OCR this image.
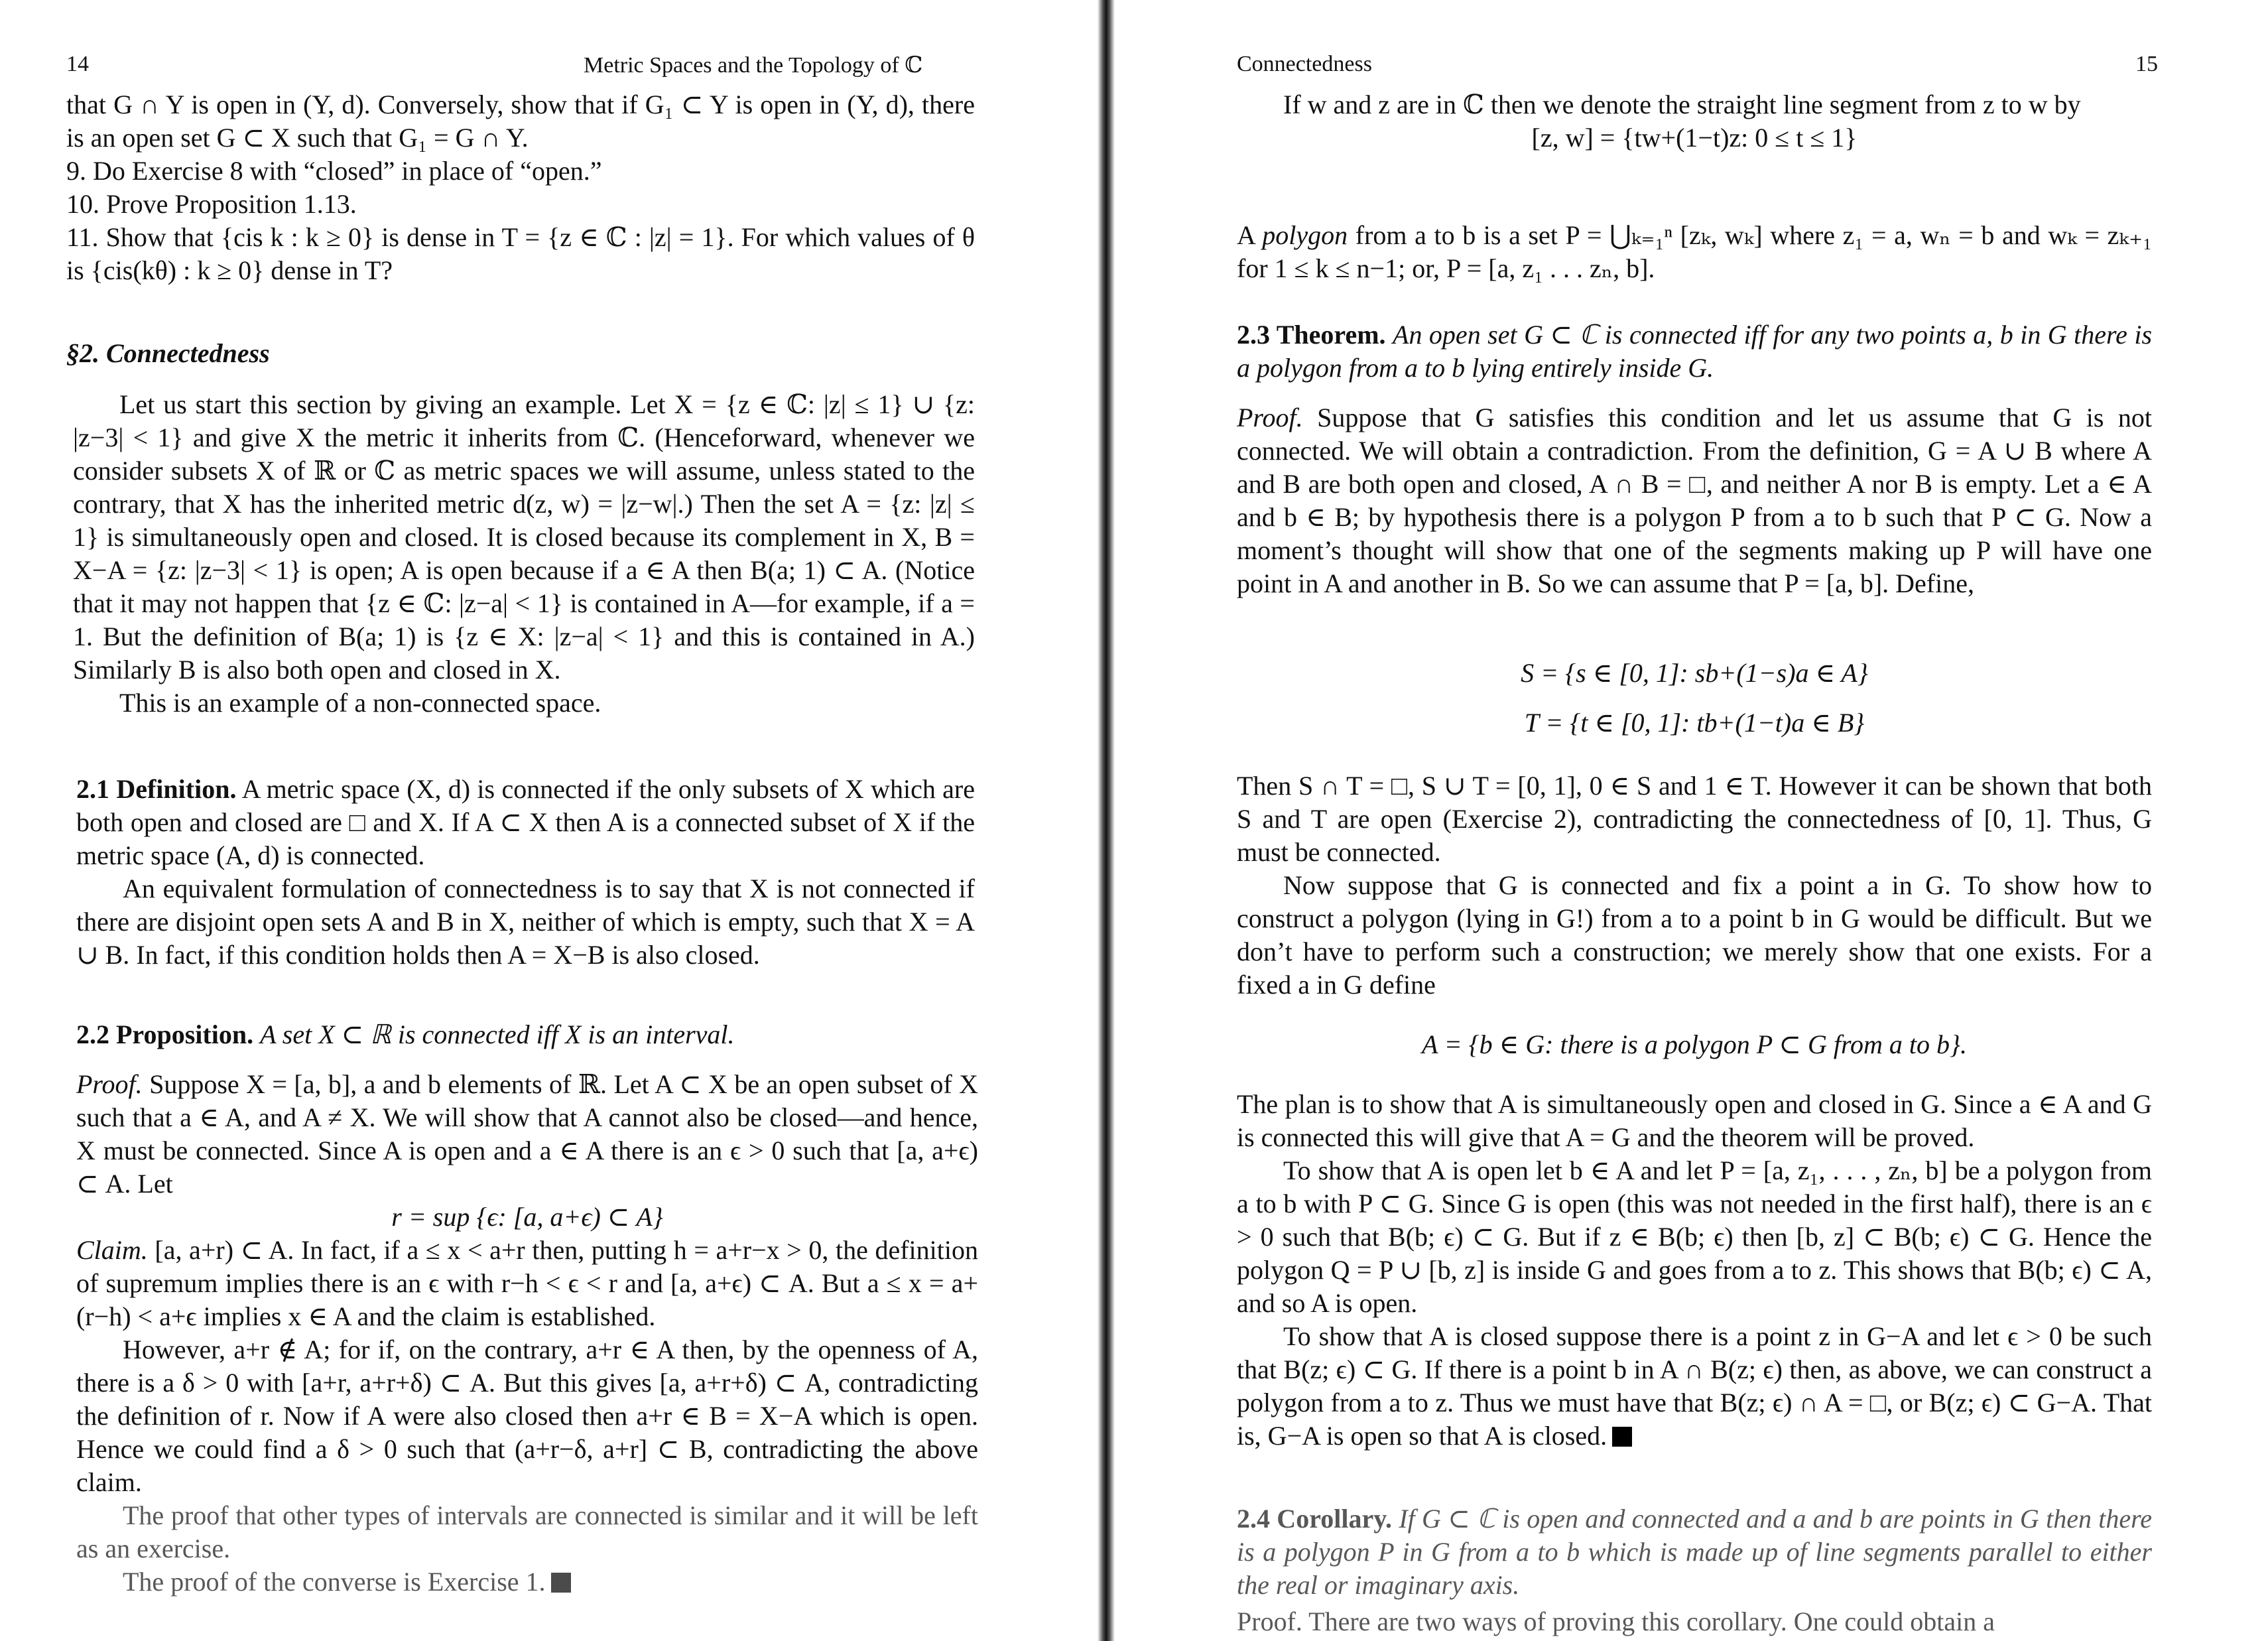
14	Metric Spaces and the Topology of ℂ

that G ∩ Y is open in (Y, d). Conversely, show that if G₁ ⊂ Y is open in (Y, d), there is an open set G ⊂ X such that G₁ = G ∩ Y.

9. Do Exercise 8 with “closed” in place of “open.”

10. Prove Proposition 1.13.

11. Show that {cis k : k ≥ 0} is dense in T = {z ∈ ℂ : |z| = 1}. For which values of θ is {cis(kθ) : k ≥ 0} dense in T?

§2. Connectedness

Let us start this section by giving an example. Let X = {z ∈ ℂ: |z| ≤ 1} ∪ {z: |z−3| < 1} and give X the metric it inherits from ℂ. (Henceforward, whenever we consider subsets X of ℝ or ℂ as metric spaces we will assume, unless stated to the contrary, that X has the inherited metric d(z, w) = |z−w|.) Then the set A = {z: |z| ≤ 1} is simultaneously open and closed. It is closed because its complement in X, B = X−A = {z: |z−3| < 1} is open; A is open because if a ∈ A then B(a; 1) ⊂ A. (Notice that it may not happen that {z ∈ ℂ: |z−a| < 1} is contained in A—for example, if a = 1. But the definition of B(a; 1) is {z ∈ X: |z−a| < 1} and this is contained in A.) Similarly B is also both open and closed in X.

This is an example of a non-connected space.

2.1 Definition. A metric space (X, d) is connected if the only subsets of X which are both open and closed are □ and X. If A ⊂ X then A is a connected subset of X if the metric space (A, d) is connected.

An equivalent formulation of connectedness is to say that X is not connected if there are disjoint open sets A and B in X, neither of which is empty, such that X = A ∪ B. In fact, if this condition holds then A = X−B is also closed.

2.2 Proposition. A set X ⊂ ℝ is connected iff X is an interval.

Proof. Suppose X = [a, b], a and b elements of ℝ. Let A ⊂ X be an open subset of X such that a ∈ A, and A ≠ X. We will show that A cannot also be closed—and hence, X must be connected. Since A is open and a ∈ A there is an ϵ > 0 such that [a, a+ϵ) ⊂ A. Let

r = sup {ϵ: [a, a+ϵ) ⊂ A}

Claim. [a, a+r) ⊂ A. In fact, if a ≤ x < a+r then, putting h = a+r−x > 0, the definition of supremum implies there is an ϵ with r−h < ϵ < r and [a, a+ϵ) ⊂ A. But a ≤ x = a+(r−h) < a+ϵ implies x ∈ A and the claim is established.

However, a+r ∉ A; for if, on the contrary, a+r ∈ A then, by the openness of A, there is a δ > 0 with [a+r, a+r+δ) ⊂ A. But this gives [a, a+r+δ) ⊂ A, contradicting the definition of r. Now if A were also closed then a+r ∈ B = X−A which is open. Hence we could find a δ > 0 such that (a+r−δ, a+r] ⊂ B, contradicting the above claim.

The proof that other types of intervals are connected is similar and it will be left as an exercise.

The proof of the converse is Exercise 1.

Connectedness	15

If w and z are in ℂ then we denote the straight line segment from z to w by

[z, w] = {tw+(1−t)z: 0 ≤ t ≤ 1}

A polygon from a to b is a set P = ⋃ₖ₌₁ⁿ [zₖ, wₖ] where z₁ = a, wₙ = b and wₖ = zₖ₊₁ for 1 ≤ k ≤ n−1; or, P = [a, z₁ . . . zₙ, b].

2.3 Theorem. An open set G ⊂ ℂ is connected iff for any two points a, b in G there is a polygon from a to b lying entirely inside G.

Proof. Suppose that G satisfies this condition and let us assume that G is not connected. We will obtain a contradiction. From the definition, G = A ∪ B where A and B are both open and closed, A ∩ B = □, and neither A nor B is empty. Let a ∈ A and b ∈ B; by hypothesis there is a polygon P from a to b such that P ⊂ G. Now a moment’s thought will show that one of the segments making up P will have one point in A and another in B. So we can assume that P = [a, b]. Define,

S = {s ∈ [0, 1]: sb+(1−s)a ∈ A}
T = {t ∈ [0, 1]: tb+(1−t)a ∈ B}

Then S ∩ T = □, S ∪ T = [0, 1], 0 ∈ S and 1 ∈ T. However it can be shown that both S and T are open (Exercise 2), contradicting the connectedness of [0, 1]. Thus, G must be connected.

Now suppose that G is connected and fix a point a in G. To show how to construct a polygon (lying in G!) from a to a point b in G would be difficult. But we don’t have to perform such a construction; we merely show that one exists. For a fixed a in G define

A = {b ∈ G: there is a polygon P ⊂ G from a to b}.

The plan is to show that A is simultaneously open and closed in G. Since a ∈ A and G is connected this will give that A = G and the theorem will be proved.

To show that A is open let b ∈ A and let P = [a, z₁, . . . , zₙ, b] be a polygon from a to b with P ⊂ G. Since G is open (this was not needed in the first half), there is an ϵ > 0 such that B(b; ϵ) ⊂ G. But if z ∈ B(b; ϵ) then [b, z] ⊂ B(b; ϵ) ⊂ G. Hence the polygon Q = P ∪ [b, z] is inside G and goes from a to z. This shows that B(b; ϵ) ⊂ A, and so A is open.

To show that A is closed suppose there is a point z in G−A and let ϵ > 0 be such that B(z; ϵ) ⊂ G. If there is a point b in A ∩ B(z; ϵ) then, as above, we can construct a polygon from a to z. Thus we must have that B(z; ϵ) ∩ A = □, or B(z; ϵ) ⊂ G−A. That is, G−A is open so that A is closed.

2.4 Corollary. If G ⊂ ℂ is open and connected and a and b are points in G then there is a polygon P in G from a to b which is made up of line segments parallel to either the real or imaginary axis.

Proof. There are two ways of proving this corollary. One could obtain a
